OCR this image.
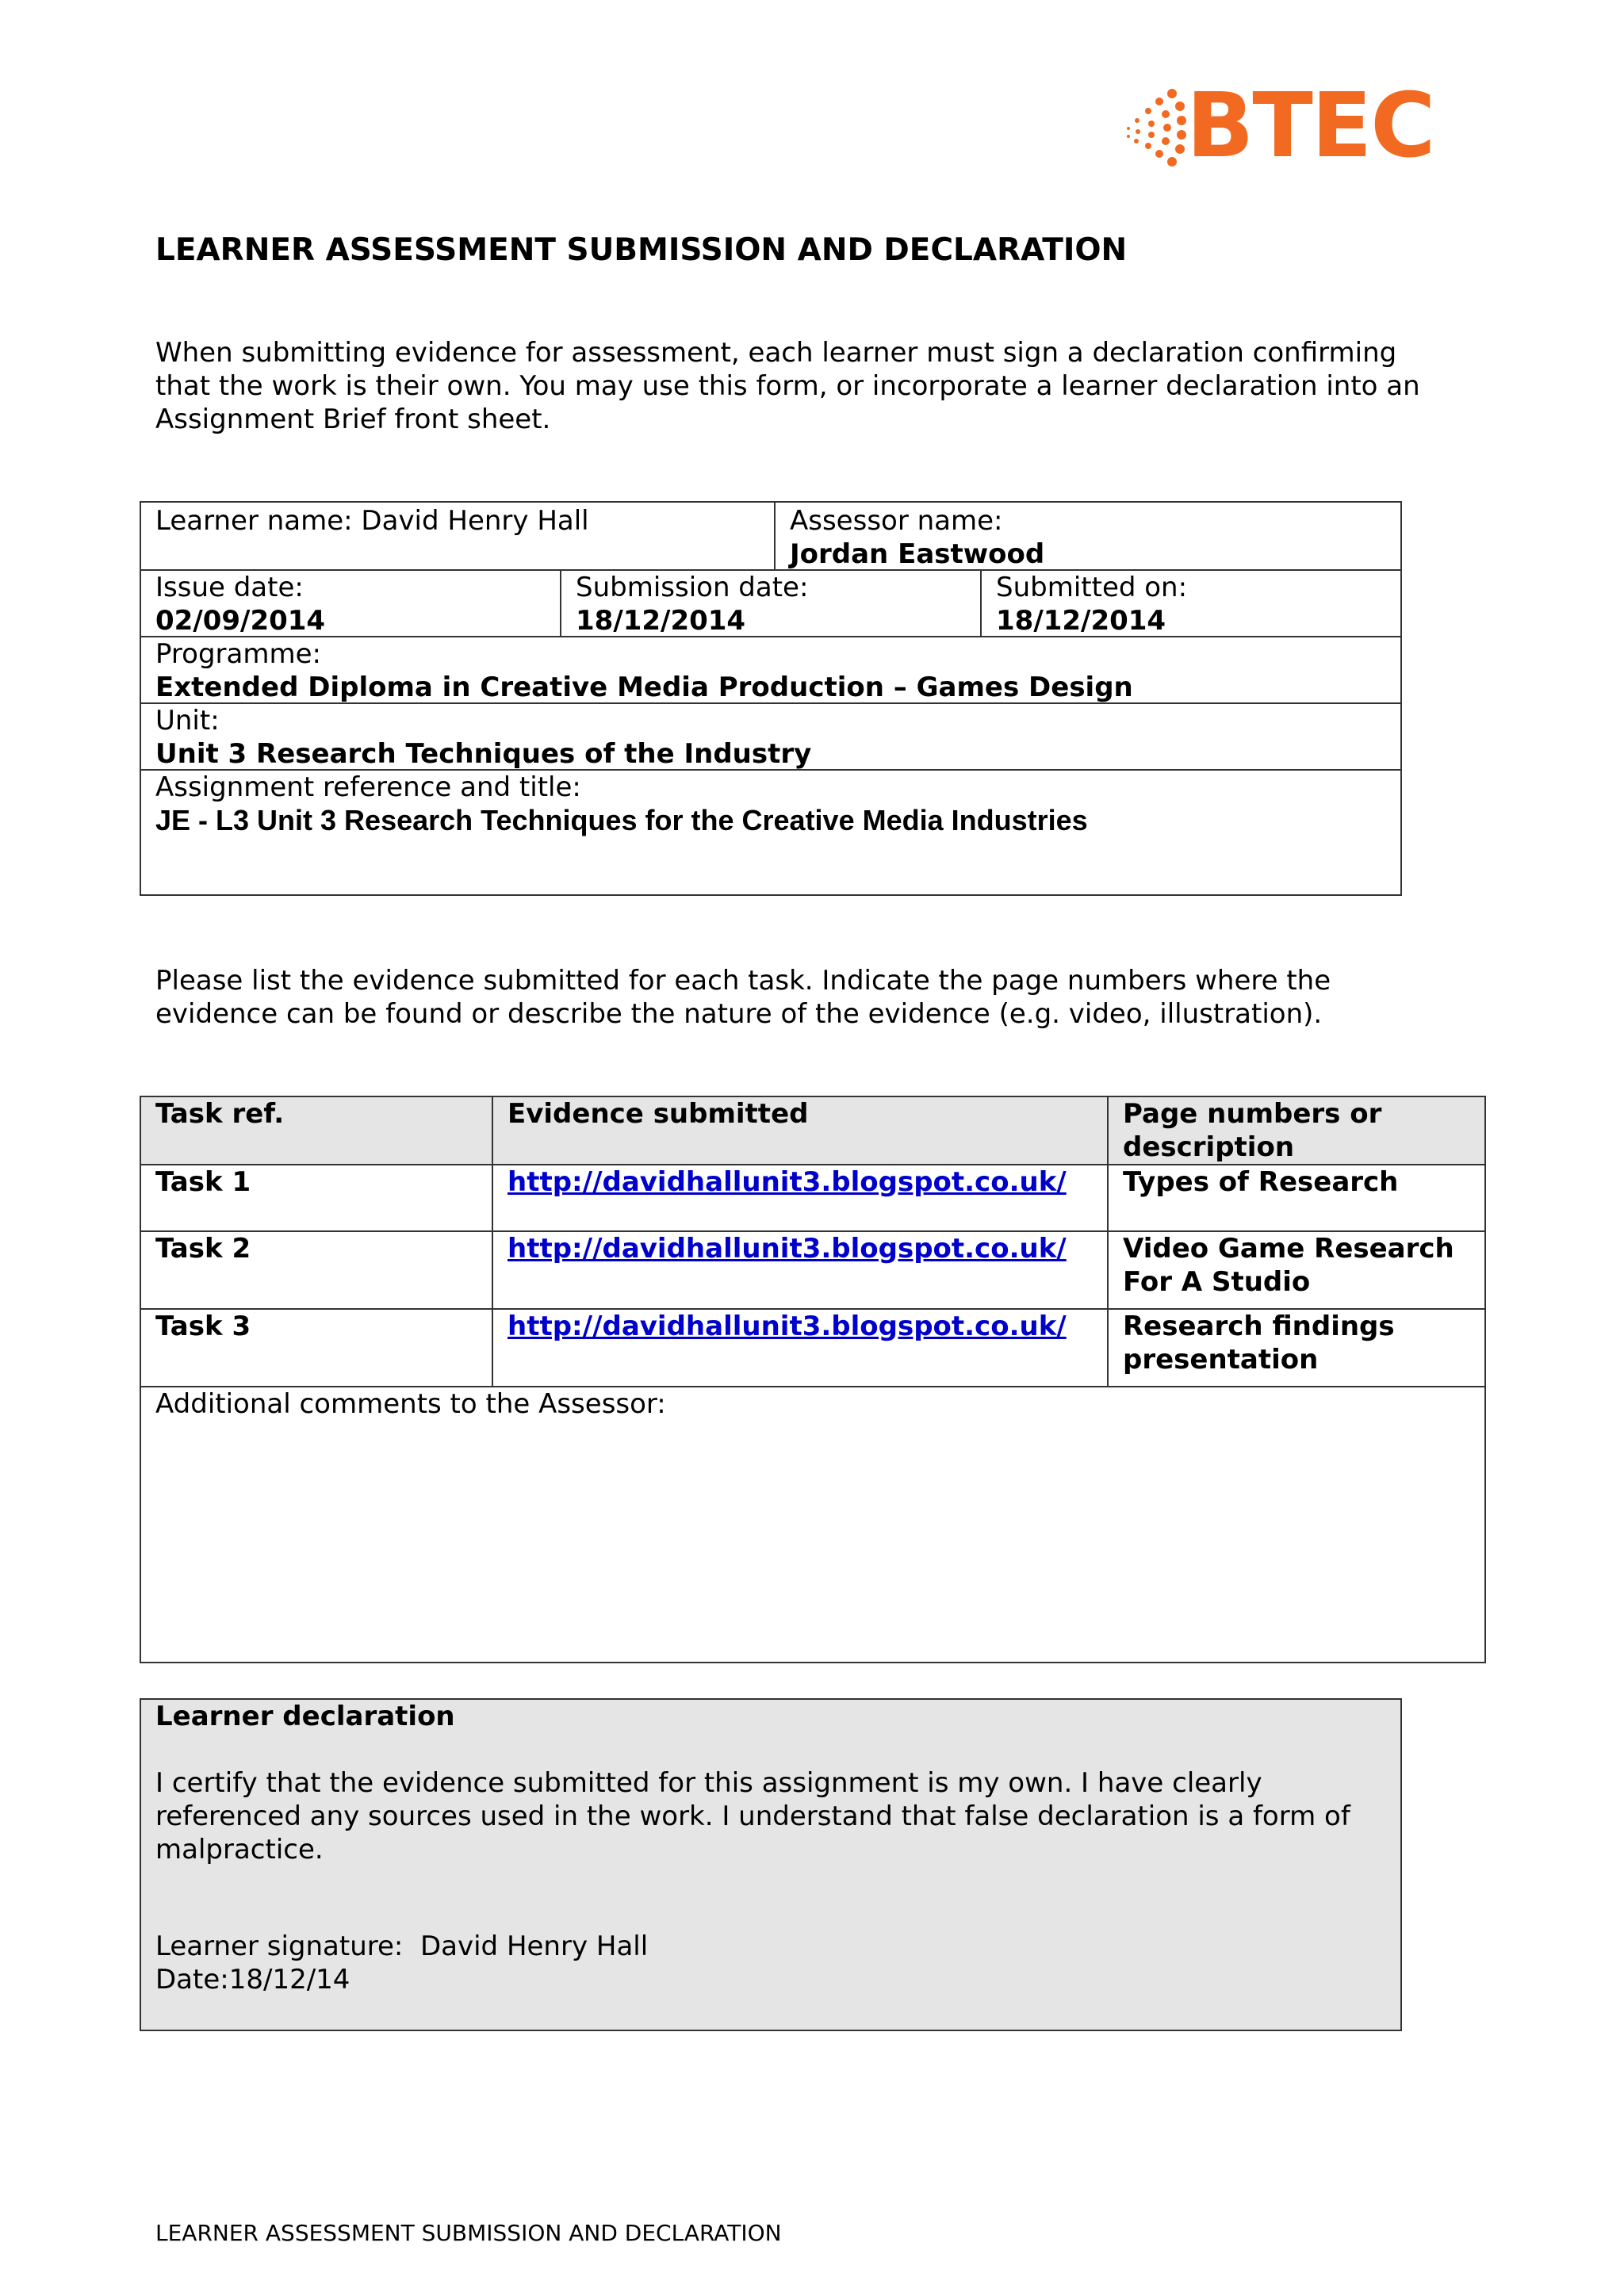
BTEC
LEARNER ASSESSMENT SUBMISSION AND DECLARATION
When submitting evidence for assessment, each learner must sign a declaration confirming
that the work is their own. You may use this form, or incorporate a learner declaration into an
Assignment Brief front sheet.
Learner name: David Henry Hall	Assessor name:
Jordan Eastwood
Issue date:
02/09/2014
Submission date:
18/12/2014
Submitted on:
18/12/2014
Programme:
Extended Diploma in Creative Media Production – Games Design
Unit:
Unit 3 Research Techniques of the Industry
Assignment reference and title:
JE - L3 Unit 3 Research Techniques for the Creative Media Industries
Please list the evidence submitted for each task. Indicate the page numbers where the
evidence can be found or describe the nature of the evidence (e.g. video, illustration).
Task ref.	Evidence submitted	Page numbers or description
Task 1	http://davidhallunit3.blogspot.co.uk/	Types of Research
Task 2	http://davidhallunit3.blogspot.co.uk/	Video Game Research For A Studio
Task 3	http://davidhallunit3.blogspot.co.uk/	Research findings presentation
Additional comments to the Assessor:
Learner declaration
I certify that the evidence submitted for this assignment is my own. I have clearly referenced any sources used in the work. I understand that false declaration is a form of malpractice.
Learner signature: David Henry Hall
Date:18/12/14
LEARNER ASSESSMENT SUBMISSION AND DECLARATION
